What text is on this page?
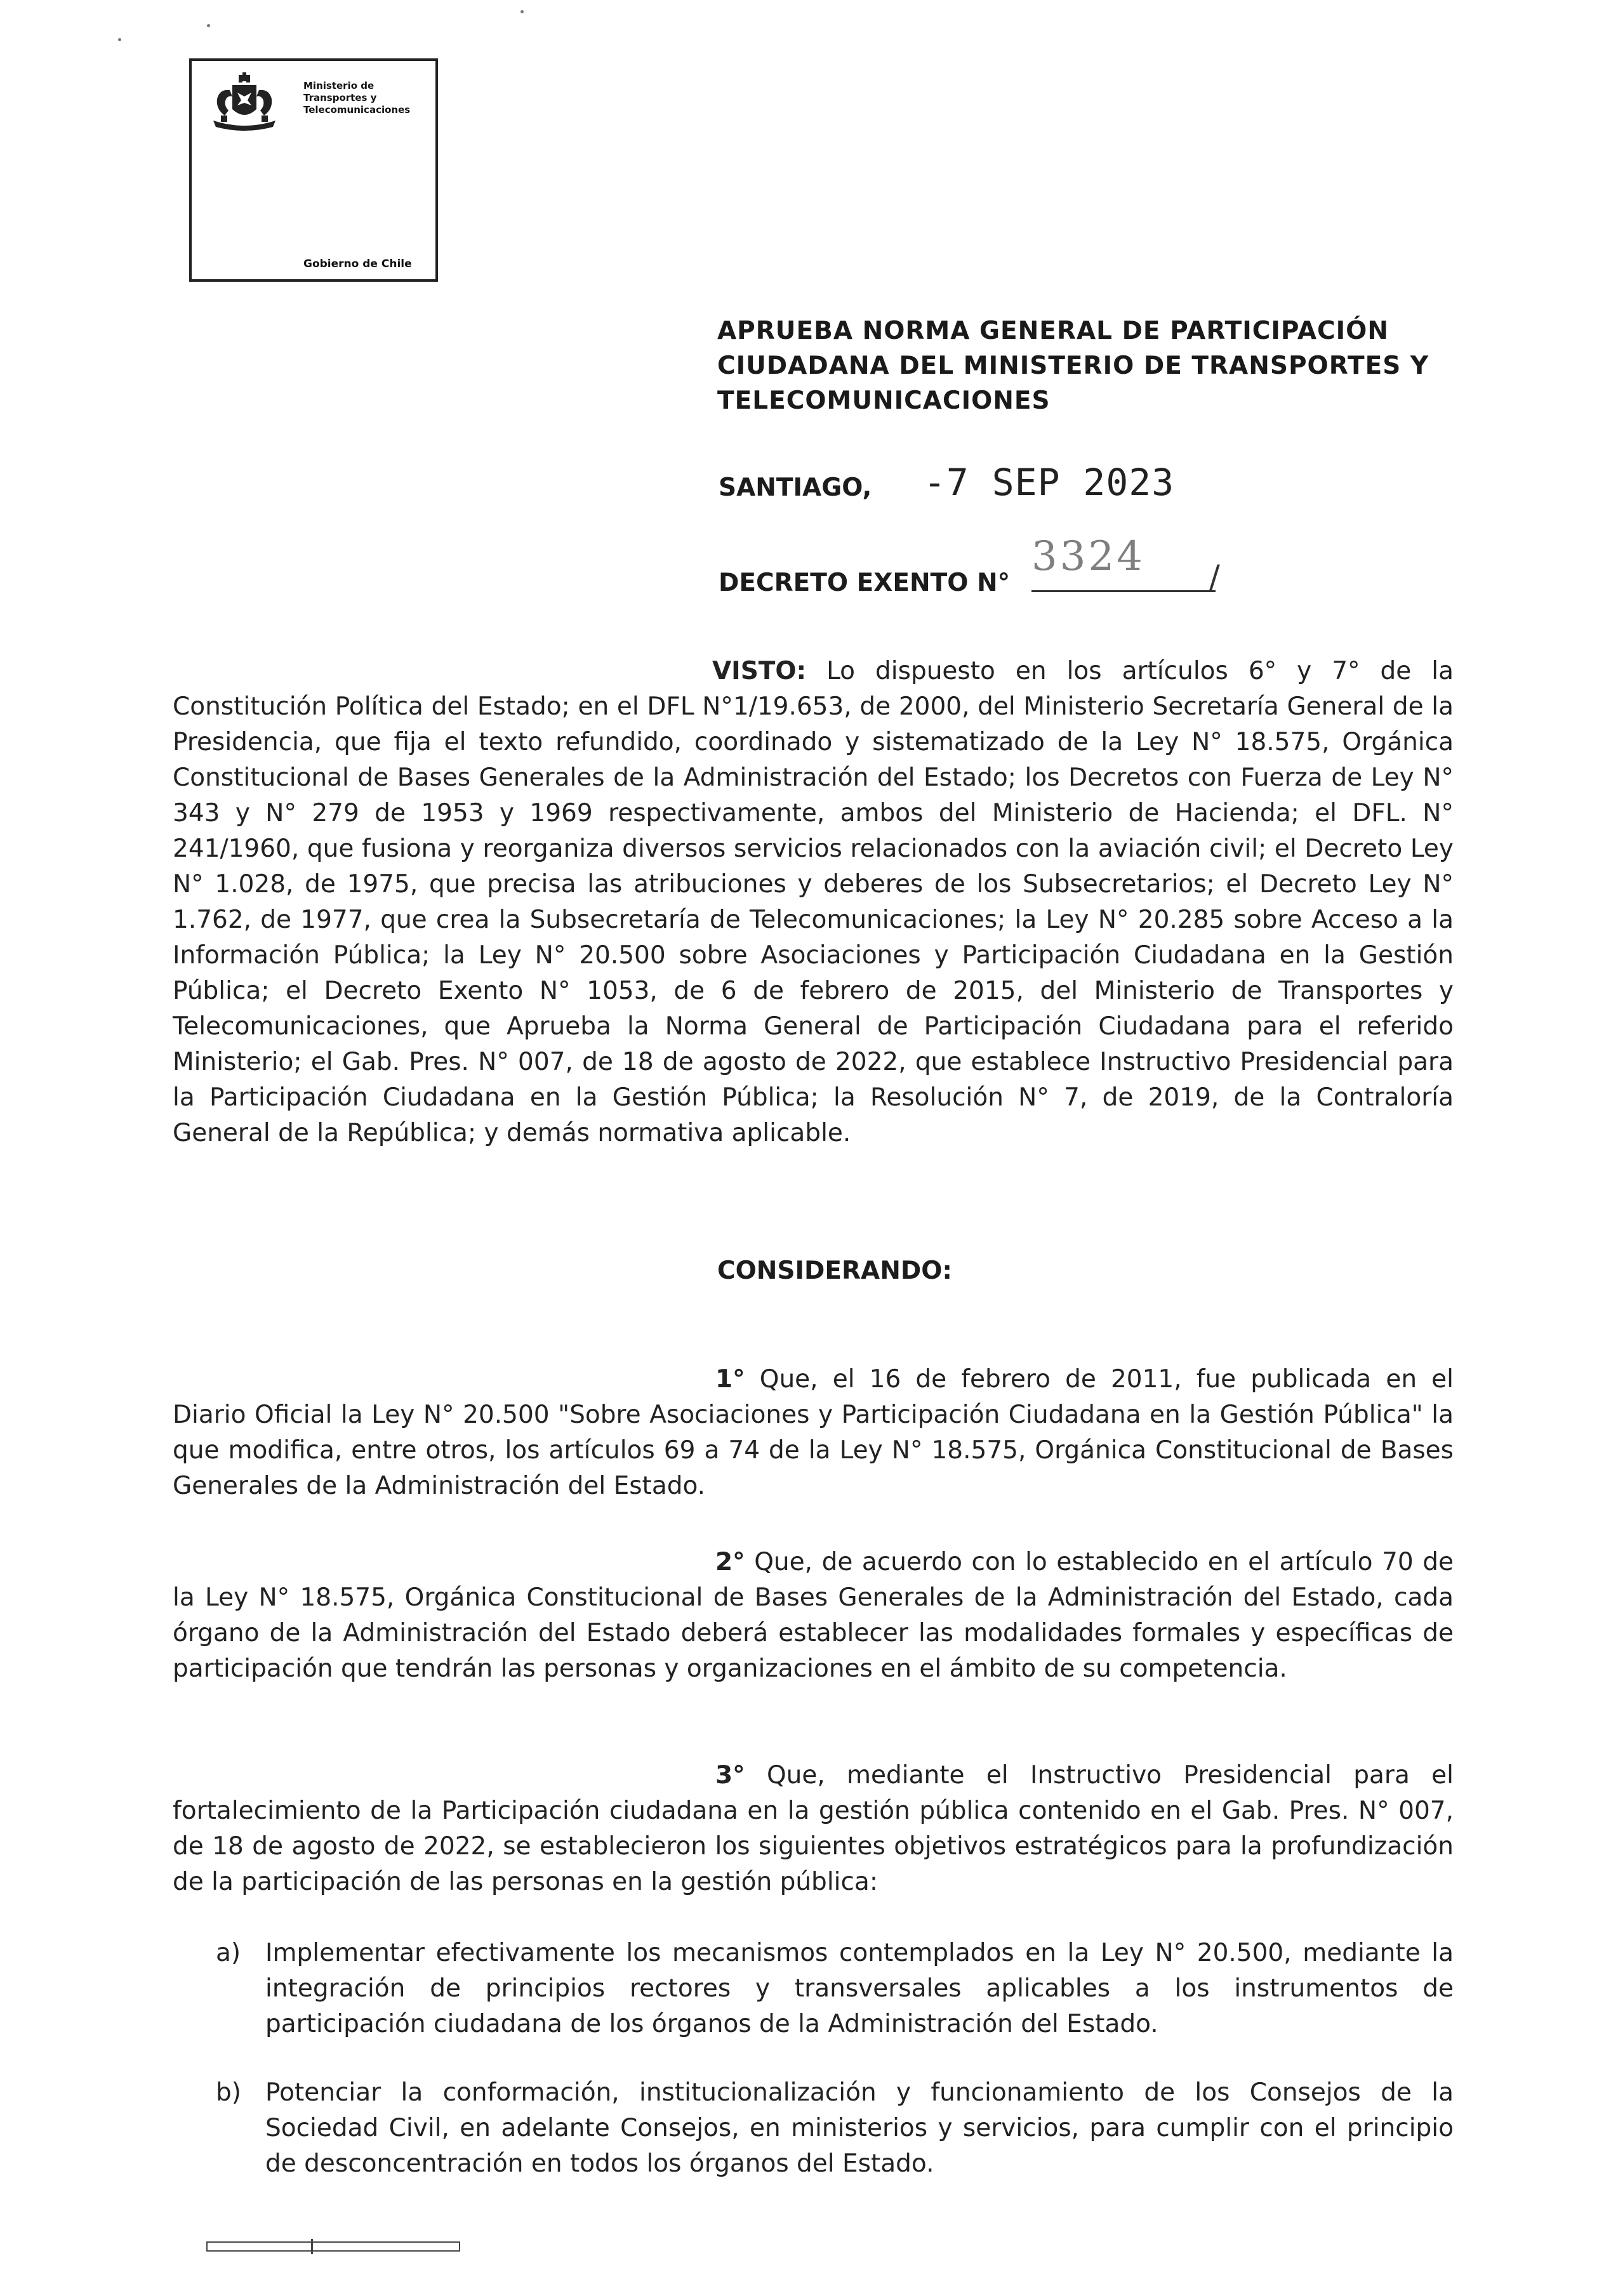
Ministerio de
Transportes y
Telecomunicaciones
Gobierno de Chile
APRUEBA NORMA GENERAL DE PARTICIPACIÓN CIUDADANA DEL MINISTERIO DE TRANSPORTES Y TELECOMUNICACIONES
SANTIAGO, -7 SEP 2023
DECRETO EXENTO N°
3324 /

VISTO: Lo dispuesto en los artículos 6° y 7° de la Constitución Política del Estado; en el DFL N°1/19.653, de 2000, del Ministerio Secretaría General de la Presidencia, que fija el texto refundido, coordinado y sistematizado de la Ley N° 18.575, Orgánica Constitucional de Bases Generales de la Administración del Estado; los Decretos con Fuerza de Ley N° 343 y N° 279 de 1953 y 1969 respectivamente, ambos del Ministerio de Hacienda; el DFL. N° 241/1960, que fusiona y reorganiza diversos servicios relacionados con la aviación civil; el Decreto Ley N° 1.028, de 1975, que precisa las atribuciones y deberes de los Subsecretarios; el Decreto Ley N° 1.762, de 1977, que crea la Subsecretaría de Telecomunicaciones; la Ley N° 20.285 sobre Acceso a la Información Pública; la Ley N° 20.500 sobre Asociaciones y Participación Ciudadana en la Gestión Pública; el Decreto Exento N° 1053, de 6 de febrero de 2015, del Ministerio de Transportes y Telecomunicaciones, que Aprueba la Norma General de Participación Ciudadana para el referido Ministerio; el Gab. Pres. N° 007, de 18 de agosto de 2022, que establece Instructivo Presidencial para la Participación Ciudadana en la Gestión Pública; la Resolución N° 7, de 2019, de la Contraloría General de la República; y demás normativa aplicable.

CONSIDERANDO:

1° Que, el 16 de febrero de 2011, fue publicada en el Diario Oficial la Ley N° 20.500 "Sobre Asociaciones y Participación Ciudadana en la Gestión Pública" la que modifica, entre otros, los artículos 69 a 74 de la Ley N° 18.575, Orgánica Constitucional de Bases Generales de la Administración del Estado.

2° Que, de acuerdo con lo establecido en el artículo 70 de la Ley N° 18.575, Orgánica Constitucional de Bases Generales de la Administración del Estado, cada órgano de la Administración del Estado deberá establecer las modalidades formales y específicas de participación que tendrán las personas y organizaciones en el ámbito de su competencia.

3° Que, mediante el Instructivo Presidencial para el fortalecimiento de la Participación ciudadana en la gestión pública contenido en el Gab. Pres. N° 007, de 18 de agosto de 2022, se establecieron los siguientes objetivos estratégicos para la profundización de la participación de las personas en la gestión pública:

a) Implementar efectivamente los mecanismos contemplados en la Ley N° 20.500, mediante la integración de principios rectores y transversales aplicables a los instrumentos de participación ciudadana de los órganos de la Administración del Estado.
b) Potenciar la conformación, institucionalización y funcionamiento de los Consejos de la Sociedad Civil, en adelante Consejos, en ministerios y servicios, para cumplir con el principio de desconcentración en todos los órganos del Estado.
